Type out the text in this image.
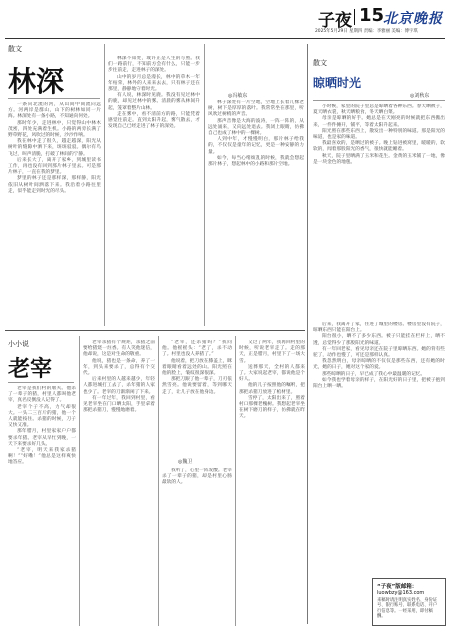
子夜 15
北京晚报
2025年5月29日 星期四 责编：李雅丽 美编：傅宇琪
散文
林深

一条向北流的河，从山间中间流向远方。河两岸是群山，山下的树林如同一片海。林深处有一条小路，不知通向何处。

那时年少，走进林中，只觉得山中林木茂密，四处充满着生机。小路的两旁长满了野草野花，风吹过的时候，沙沙作响。

我在林中走了很久，越走越深，阳光从树叶的缝隙中洒下来，斑斑驳驳。偶尔有鸟飞过，叫声清脆，打破了林间的宁静。

后来长大了，离开了家乡，到城里读书工作，再也没有回到那片林子里去。可是那片林子，一直在我的梦里。

梦里的林子还是那样深，那样静，阳光依旧从树叶间洒落下来。我沿着小路往里走，似乎能走到时光的尽头。

林深不知处，或许正是人生的写照。我们一路前行，不知前方会有什么，只能一步步往前走，走进林子的深处。

山中的岁月总是漫长，林中的草木一年年枯荣，林外的人来来去去，只有林子还在那里，静静地守着时光。

有人说，林深时见鹿。我没有见过林中的鹿，却见过林中的雾。清晨的雾从林间升起，笼罩着整片山林。

走在雾中，看不清前方的路，只能凭着感觉往前走。直到太阳升起，雾气散去，才发现自己已经走进了林子的深处。

◎冯敏东

林子深处有一片空地，空地上长着几棵老树，树下是厚厚的落叶。我常常坐在那里，听风吹过树梢的声音。

那声音像是大海的波涛，一阵一阵的，从远处涌来，又向远处退去。我闭上眼睛，仿佛自己也成了林中的一棵树。

人到中年，才慢慢明白，那片林子给我的，不仅仅是童年的记忆，更是一种安静的力量。

如今，每当心绪烦乱的时候，我就会想起那片林子，想起林中的小路和那片空地。

散文
晾晒时光
◎刘秋东

小时候，家里的院子里总是晾晒着各种东西。春天晒被子，夏天晒衣裳，秋天晒粮食，冬天晒白菜。

母亲是晾晒的好手。她总是在天刚亮的时候就把东西搬出来，一件件摊开，铺平，等着太阳升起来。

阳光照在那些东西上，散发出一种特别的味道。那是阳光的味道，也是家的味道。

我最喜欢的，是晒过的被子。晚上钻进被窝里，暖暖的，软软的，闻着那股阳光的香气，很快就能睡着。

秋天，院子里晒满了玉米和花生。金黄的玉米铺了一地，像是一块金色的地毯。

后来，我离开了家，住进了城里的楼房。楼房里没有院子，晾晒东西只能在阳台上。

阳台很小，晒不了多少东西。被子只能挂在栏杆上，晒不透，总觉得少了那股阳光的味道。

有一年回老家，看见母亲还在院子里晾晒东西。她的背有些驼了，动作也慢了，可还是那样认真。

我忽然明白，母亲晾晒的不仅仅是那些东西，还有她的时光，她的日子，她对这个家的爱。

那些晾晒的日子，早已成了我心中最温暖的记忆。

如今我也学着母亲的样子，在阳光好的日子里，把被子抱到阳台上晒一晒。

“子夜”版邮箱：
luowbzy@163.com
来稿时请注明真实姓名、身份证号、银行账号、联系电话、开户行信息等。一经采用，即付稿酬。
小小说
老宰

老宰是我们村的屠夫。他杀了一辈子的猪，村里人都叫他老宰，真名反倒没人记得了。

老宰个子不高，力气却很大。一头二三百斤的猪，他一个人就能按住。杀猪的时候，刀子又快又准。

那年腊月，村里家家户户都要杀年猪。老宰从早忙到晚，一天下来要杀好几头。

“老宰，明天来我家杀猪啊！”“好嘞！”他总是这样爽快地答应。

老宰杀猪有个规矩，杀猪之前要给猪烧一炷香。有人笑他迷信，他却说，这是对生命的敬重。

他说，猪也是一条命，养了一年，到头来要杀了，总得有个交代。

后来村里的人越来越少，年轻人都进城打工去了，杀年猪的人家也少了。老宰的刀渐渐闲了下来。

有一年过年，我回到村里，看见老宰坐在门口晒太阳，手里拿着那把杀猪刀，慢慢地磨着。

◎魏卫

“老宰，还杀猪吗？”我问他。他摇摇头：“老了，杀不动了。村里也没人养猪了。”

他说着，把刀放在膝盖上，眯着眼睛看着远处的山。阳光照在他的脸上，皱纹很深很深。

那把刀跟了他一辈子，刀刃依然雪亮。他说要留着，等到哪天走了，让儿子放在他身边。

我听了，心里一阵发酸。老宰杀了一辈子的猪，却是村里心肠最软的人。

又过了两年，我再回村里的时候，听说老宰走了。走的那天，正是腊月，村里下了一场大雪。

送葬那天，全村的人都来了。大家说起老宰，都说他是个好人。

他的儿子按照他的嘱咐，把那把杀猪刀放进了棺材里。

雪停了，太阳出来了，照着村口那棵老槐树。我想起老宰坐在树下磨刀的样子，仿佛就在昨天。
